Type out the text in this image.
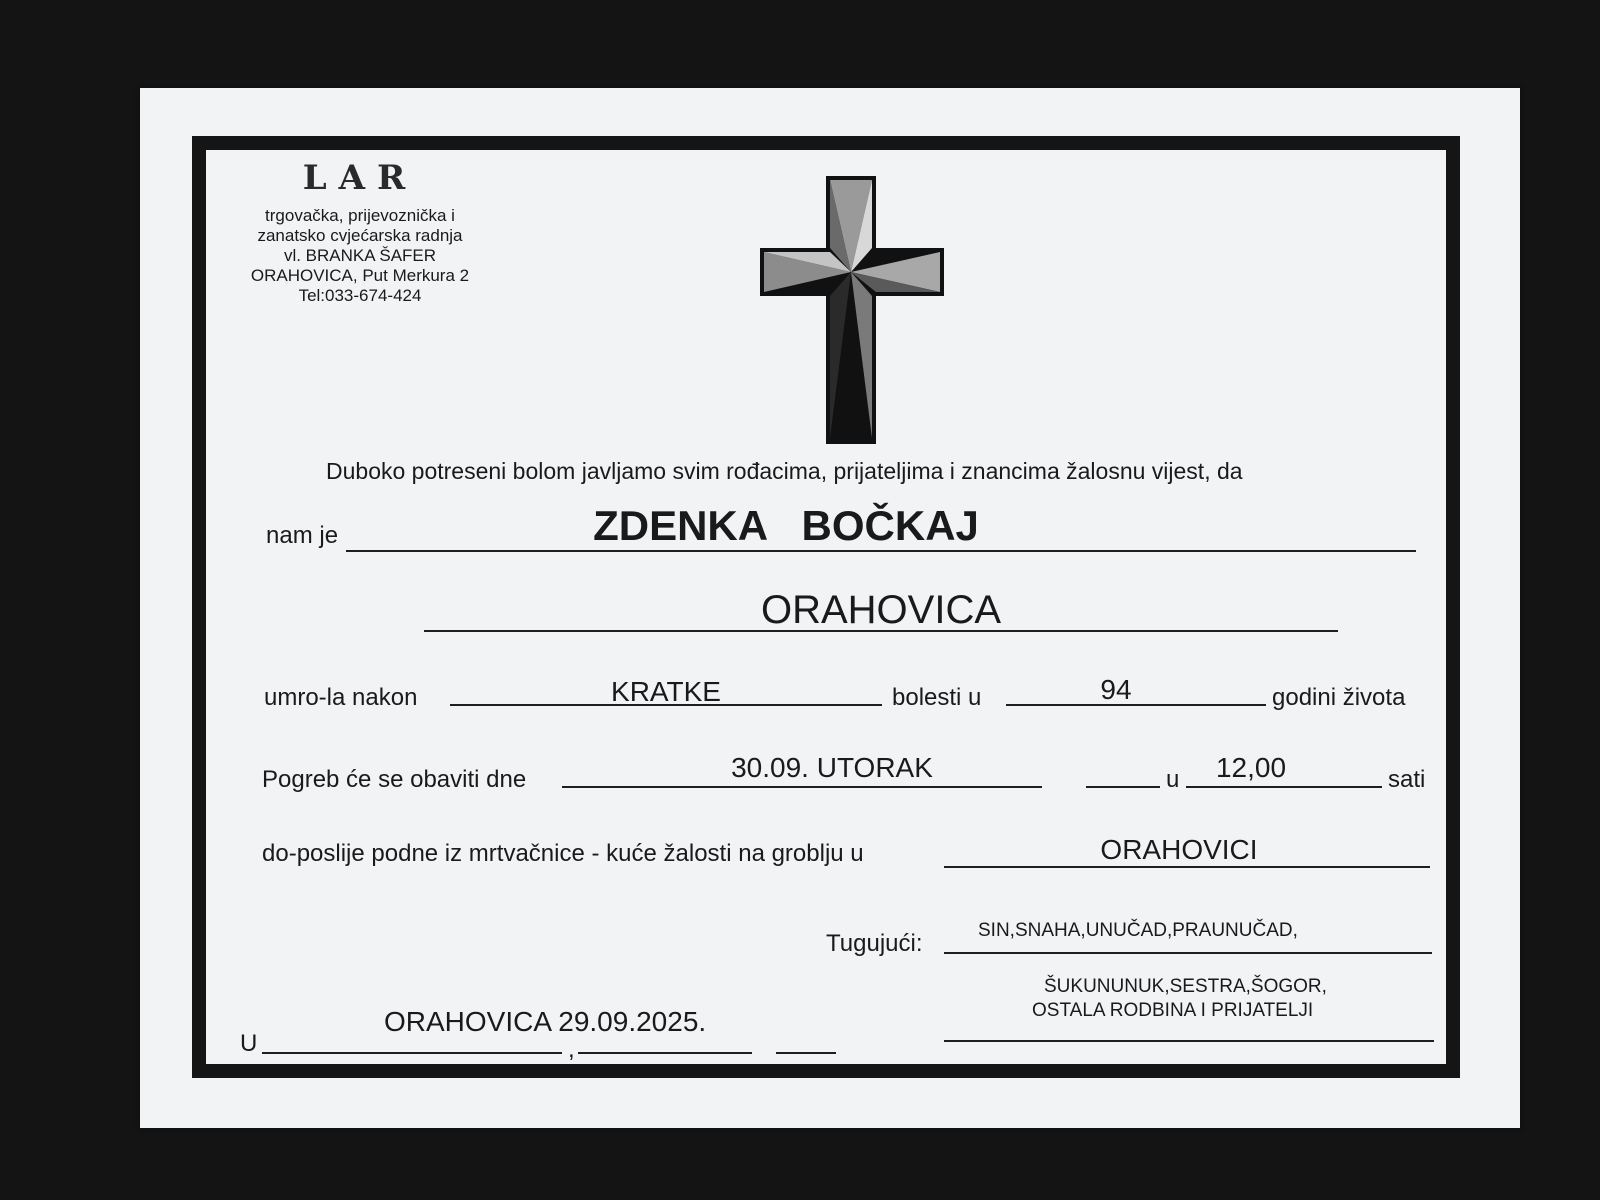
LAR
trgovačka, prijevoznička i
zanatsko cvjećarska radnja
vl. BRANKA ŠAFER
ORAHOVICA, Put Merkura 2
Tel:033-674-424
Duboko potreseni bolom javljamo svim rođacima, prijateljima i znancima žalosnu vijest, da
nam je	ZDENKA   BOČKAJ
ORAHOVICA
umro-la nakon	KRATKE	bolesti u	94	godini života
Pogreb će se obaviti dne	30.09. UTORAK	u	12,00	sati
do-poslije podne iz mrtvačnice - kuće žalosti na groblju u	ORAHOVICI
Tugujući:	SIN,SNAHA,UNUČAD,PRAUNUČAD,
ŠUKUNUNUK,SESTRA,ŠOGOR,
OSTALA RODBINA I PRIJATELJI
U	,
ORAHOVICA 29.09.2025.
